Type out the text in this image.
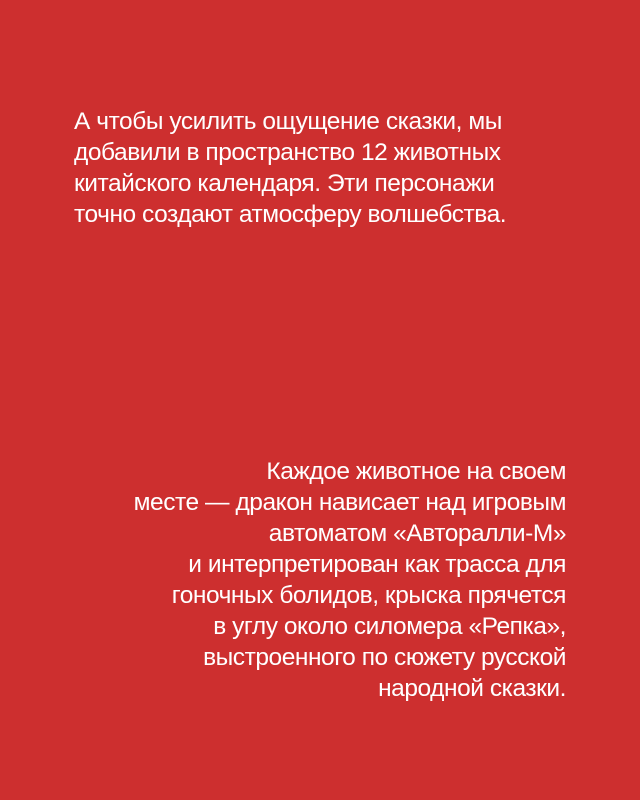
А чтобы усилить ощущение сказки, мы
добавили в пространство 12 животных
китайского календаря. Эти персонажи
точно создают атмосферу волшебства.

Каждое животное на своем
месте — дракон нависает над игровым
автоматом «Авторалли-М»
и интерпретирован как трасса для
гоночных болидов, крыска прячется
в углу около силомера «Репка»,
выстроенного по сюжету русской
народной сказки.
